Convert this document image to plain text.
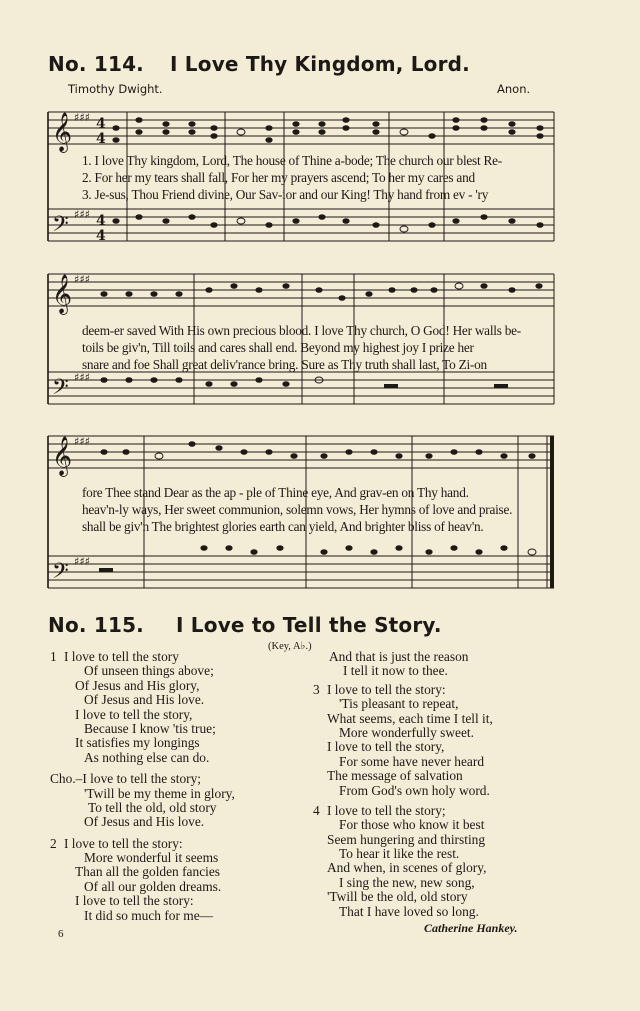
No. 114. I Love Thy Kingdom, Lord.
Timothy Dwight.	Anon.
𝄞
𝄢
♯♯♯
♯♯♯
4
4
4
4

1. I love Thy kingdom, Lord, The house of Thine a-bode; The church our blest Re-

2. For her my tears shall fall, For her my prayers ascend; To her my cares and

3. Je-sus, Thou Friend divine, Our Sav-ior and our King! Thy hand from ev - 'ry

𝄞
𝄢
♯♯♯
♯♯♯

deem-er saved With His own precious blood. I love Thy church, O God! Her walls be-

toils be giv'n, Till toils and cares shall end. Beyond my highest joy I prize her

snare and foe Shall great deliv'rance bring. Sure as Thy truth shall last, To Zi-on

𝄞
𝄢
♯♯♯
♯♯♯

fore Thee stand Dear as the ap - ple of Thine eye, And grav-en on Thy hand.

heav'n-ly ways, Her sweet communion, solemn vows, Her hymns of love and praise.

shall be giv'n The brightest glories earth can yield, And brighter bliss of heav'n.

No. 115. I Love to Tell the Story.
(Key, A♭.)
1 I love to tell the story
Of unseen things above;
Of Jesus and His glory,
Of Jesus and His love.
I love to tell the story,
Because I know 'tis true;
It satisfies my longings
As nothing else can do.
Cho.–I love to tell the story;
'Twill be my theme in glory,
To tell the old, old story
Of Jesus and His love.
2 I love to tell the story:
More wonderful it seems
Than all the golden fancies
Of all our golden dreams.
I love to tell the story:
It did so much for me—
And that is just the reason
I tell it now to thee.
3 I love to tell the story:
'Tis pleasant to repeat,
What seems, each time I tell it,
More wonderfully sweet.
I love to tell the story,
For some have never heard
The message of salvation
From God's own holy word.
4 I love to tell the story;
For those who know it best
Seem hungering and thirsting
To hear it like the rest.
And when, in scenes of glory,
I sing the new, new song,
'Twill be the old, old story
That I have loved so long.
Catherine Hankey.
6
